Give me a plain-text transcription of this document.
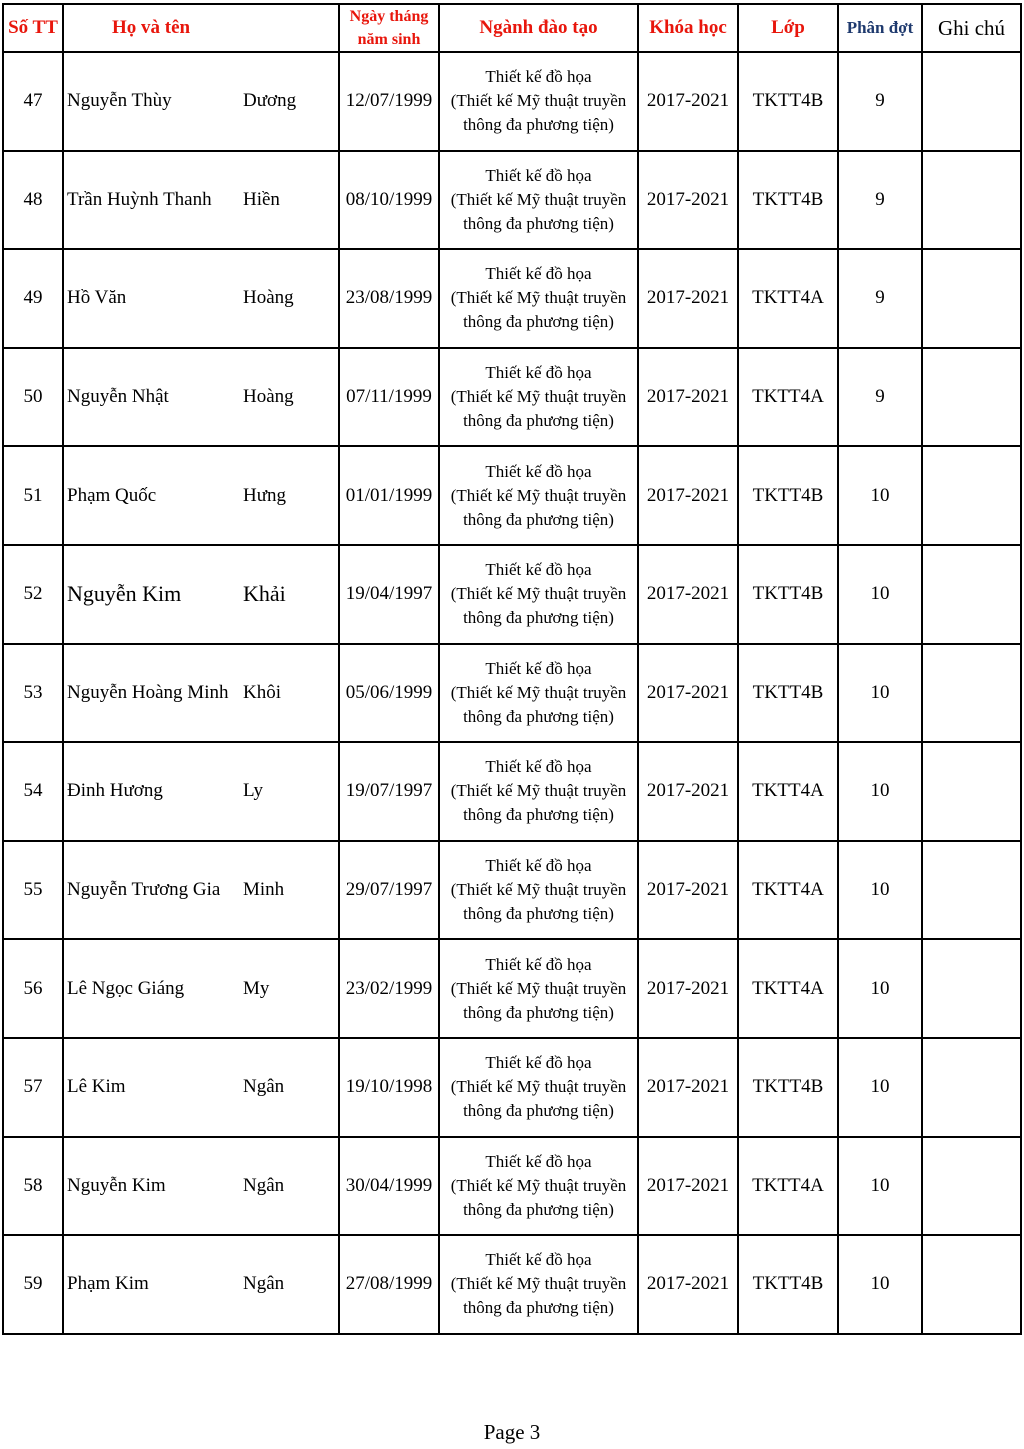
Số TT	Họ và tên	Ngày tháng
năm sinh	Ngành đào tạo	Khóa học	Lớp	Phân đợt	Ghi chú
47	Nguyễn Thùy Dương	12/07/1999	Thiết kế đồ họa
(Thiết kế Mỹ thuật truyền
thông đa phương tiện)	2017-2021	TKTT4B	9	
48	Trần Huỳnh Thanh Hiền	08/10/1999	Thiết kế đồ họa
(Thiết kế Mỹ thuật truyền
thông đa phương tiện)	2017-2021	TKTT4B	9	
49	Hồ Văn Hoàng	23/08/1999	Thiết kế đồ họa
(Thiết kế Mỹ thuật truyền
thông đa phương tiện)	2017-2021	TKTT4A	9	
50	Nguyễn Nhật Hoàng	07/11/1999	Thiết kế đồ họa
(Thiết kế Mỹ thuật truyền
thông đa phương tiện)	2017-2021	TKTT4A	9	
51	Phạm Quốc Hưng	01/01/1999	Thiết kế đồ họa
(Thiết kế Mỹ thuật truyền
thông đa phương tiện)	2017-2021	TKTT4B	10	
52	Nguyễn Kim Khải	19/04/1997	Thiết kế đồ họa
(Thiết kế Mỹ thuật truyền
thông đa phương tiện)	2017-2021	TKTT4B	10	
53	Nguyễn Hoàng Minh Khôi	05/06/1999	Thiết kế đồ họa
(Thiết kế Mỹ thuật truyền
thông đa phương tiện)	2017-2021	TKTT4B	10	
54	Đinh Hương Ly	19/07/1997	Thiết kế đồ họa
(Thiết kế Mỹ thuật truyền
thông đa phương tiện)	2017-2021	TKTT4A	10	
55	Nguyễn Trương Gia Minh	29/07/1997	Thiết kế đồ họa
(Thiết kế Mỹ thuật truyền
thông đa phương tiện)	2017-2021	TKTT4A	10	
56	Lê Ngọc Giáng My	23/02/1999	Thiết kế đồ họa
(Thiết kế Mỹ thuật truyền
thông đa phương tiện)	2017-2021	TKTT4A	10	
57	Lê Kim Ngân	19/10/1998	Thiết kế đồ họa
(Thiết kế Mỹ thuật truyền
thông đa phương tiện)	2017-2021	TKTT4B	10	
58	Nguyễn Kim Ngân	30/04/1999	Thiết kế đồ họa
(Thiết kế Mỹ thuật truyền
thông đa phương tiện)	2017-2021	TKTT4A	10	
59	Phạm Kim Ngân	27/08/1999	Thiết kế đồ họa
(Thiết kế Mỹ thuật truyền
thông đa phương tiện)	2017-2021	TKTT4B	10	
Page 3
